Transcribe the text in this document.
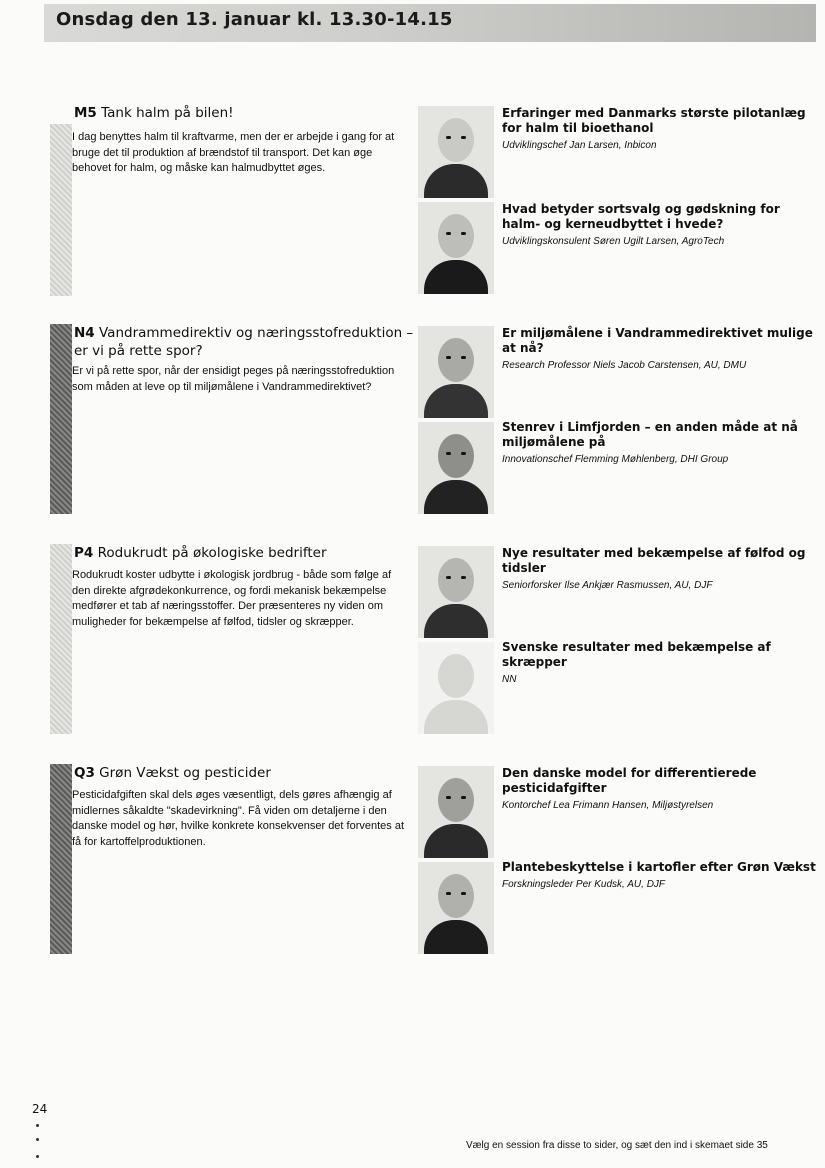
Onsdag den 13. januar kl. 13.30-14.15
M5 Tank halm på bilen!
I dag benyttes halm til kraftvarme, men der er arbejde i gang for at bruge det til produktion af brændstof til transport. Det kan øge behovet for halm, og måske kan halmudbyttet øges.
Erfaringer med Danmarks største pilotanlæg for halm til bioethanol
Udviklingschef Jan Larsen, Inbicon
Hvad betyder sortsvalg og gødskning for halm- og kerneudbyttet i hvede?
Udviklingskonsulent Søren Ugilt Larsen, AgroTech
N4 Vandrammedirektiv og næringsstofreduktion – er vi på rette spor?
Er vi på rette spor, når der ensidigt peges på næringsstofreduktion som måden at leve op til miljømålene i Vandrammedirektivet?
Er miljømålene i Vandrammedirektivet mulige at nå?
Research Professor Niels Jacob Carstensen, AU, DMU
Stenrev i Limfjorden – en anden måde at nå miljømålene på
Innovationschef Flemming Møhlenberg, DHI Group
P4 Rodukrudt på økologiske bedrifter
Rodukrudt koster udbytte i økologisk jordbrug - både som følge af den direkte afgrødekonkurrence, og fordi mekanisk bekæmpelse medfører et tab af næringsstoffer. Der præsenteres ny viden om muligheder for bekæmpelse af følfod, tidsler og skræpper.
Nye resultater med bekæmpelse af følfod og tidsler
Seniorforsker Ilse Ankjær Rasmussen, AU, DJF
Svenske resultater med bekæmpelse af skræpper
NN
Q3 Grøn Vækst og pesticider
Pesticidafgiften skal dels øges væsentligt, dels gøres afhængig af midlernes såkaldte "skadevirkning". Få viden om detaljerne i den danske model og hør, hvilke konkrete konsekvenser det forventes at få for kartoffelproduktionen.
Den danske model for differentierede pesticidafgifter
Kontorchef Lea Frimann Hansen, Miljøstyrelsen
Plantebeskyttelse i kartofler efter Grøn Vækst
Forskningsleder Per Kudsk, AU, DJF
24
Vælg en session fra disse to sider, og sæt den ind i skemaet side 35
